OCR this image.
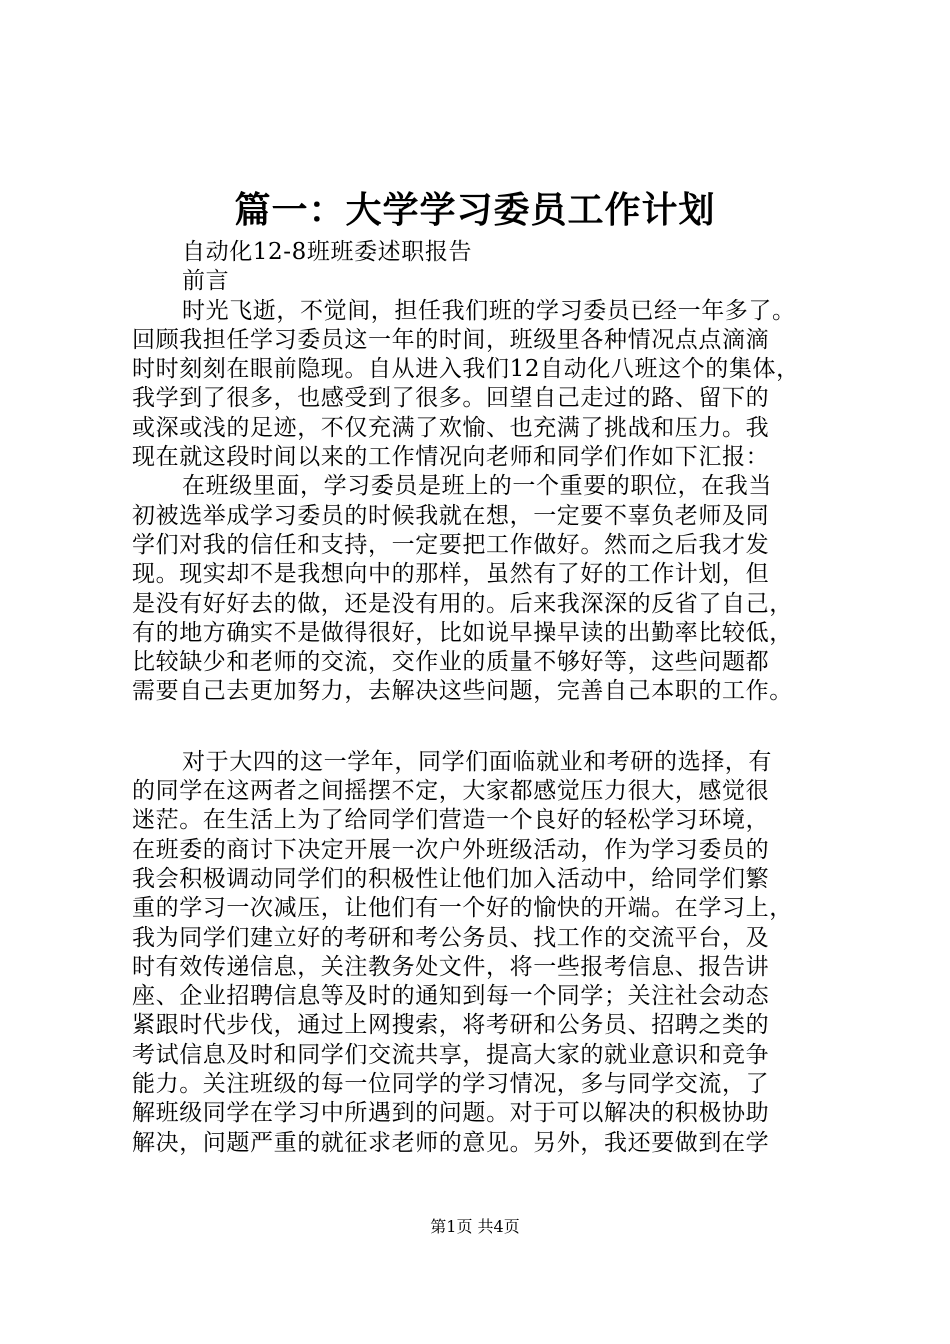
篇一：大学学习委员工作计划
自动化12-8班班委述职报告
前言
时光飞逝，不觉间，担任我们班的学习委员已经一年多了。
回顾我担任学习委员这一年的时间，班级里各种情况点点滴滴
时时刻刻在眼前隐现。自从进入我们12自动化八班这个的集体，
我学到了很多，也感受到了很多。回望自己走过的路、留下的
或深或浅的足迹，不仅充满了欢愉、也充满了挑战和压力。我
现在就这段时间以来的工作情况向老师和同学们作如下汇报：
在班级里面，学习委员是班上的一个重要的职位，在我当
初被选举成学习委员的时候我就在想，一定要不辜负老师及同
学们对我的信任和支持，一定要把工作做好。然而之后我才发
现。现实却不是我想向中的那样，虽然有了好的工作计划，但
是没有好好去的做，还是没有用的。后来我深深的反省了自己，
有的地方确实不是做得很好，比如说早操早读的出勤率比较低，
比较缺少和老师的交流，交作业的质量不够好等，这些问题都
需要自己去更加努力，去解决这些问题，完善自己本职的工作。
对于大四的这一学年，同学们面临就业和考研的选择，有
的同学在这两者之间摇摆不定，大家都感觉压力很大，感觉很
迷茫。在生活上为了给同学们营造一个良好的轻松学习环境，
在班委的商讨下决定开展一次户外班级活动，作为学习委员的
我会积极调动同学们的积极性让他们加入活动中，给同学们繁
重的学习一次减压，让他们有一个好的愉快的开端。在学习上，
我为同学们建立好的考研和考公务员、找工作的交流平台，及
时有效传递信息，关注教务处文件，将一些报考信息、报告讲
座、企业招聘信息等及时的通知到每一个同学；关注社会动态
紧跟时代步伐，通过上网搜索，将考研和公务员、招聘之类的
考试信息及时和同学们交流共享，提高大家的就业意识和竞争
能力。关注班级的每一位同学的学习情况，多与同学交流，了
解班级同学在学习中所遇到的问题。对于可以解决的积极协助
解决，问题严重的就征求老师的意见。另外，我还要做到在学
第1页 共4页
